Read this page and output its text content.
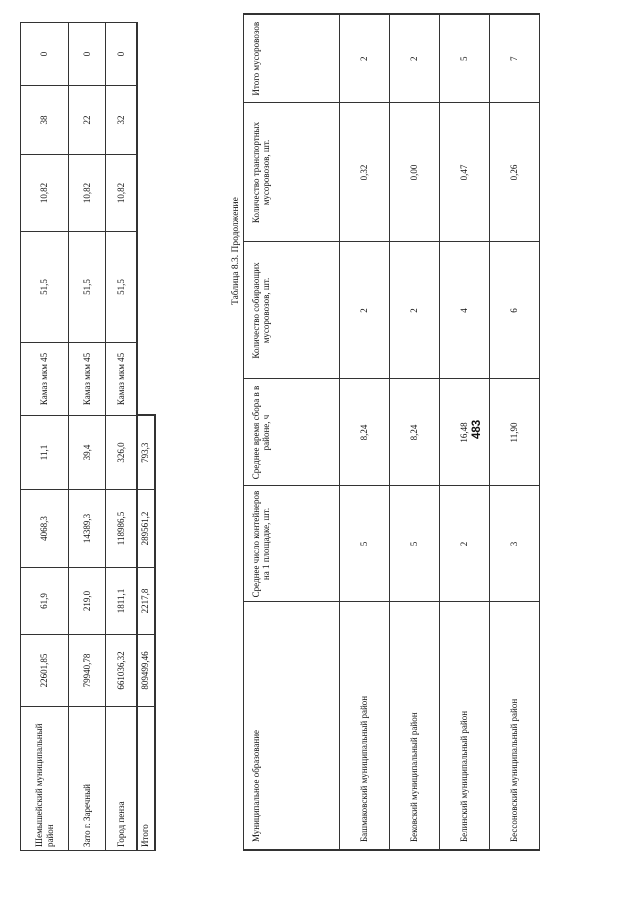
483
Шемышейский муниципальный район	22601,85	61,9	4068,3	11,1	Камаз мкм 45	51,5	10,82	38	0
Зато г. Заречный	79940,78	219,0	14389,3	39,4	Камаз мкм 45	51,5	10,82	22	0
Город пенза	661036,32	1811,1	118986,5	326,0	Камаз мкм 45	51,5	10,82	32	0
Итого	809499,46	2217,8	289561,2	793,3					
Таблица 8.3. Продолжение
Муниципальное образование	Среднее число контейнеров на 1 площадке, шт.	Среднее время сбора в в районе, ч	Количество собирающих мусоровозов, шт.	Количество транспортных мусоровозов, шт.	Итого мусоровозов
Башмаковский муниципальный район	5	8,24	2	0,32	2
Бековский муниципальный район	5	8,24	2	0,00	2
Белинский муниципальный район	2	16,48	4	0,47	5
Бессоновский муниципальный район	3	11,90	6	0,26	7
